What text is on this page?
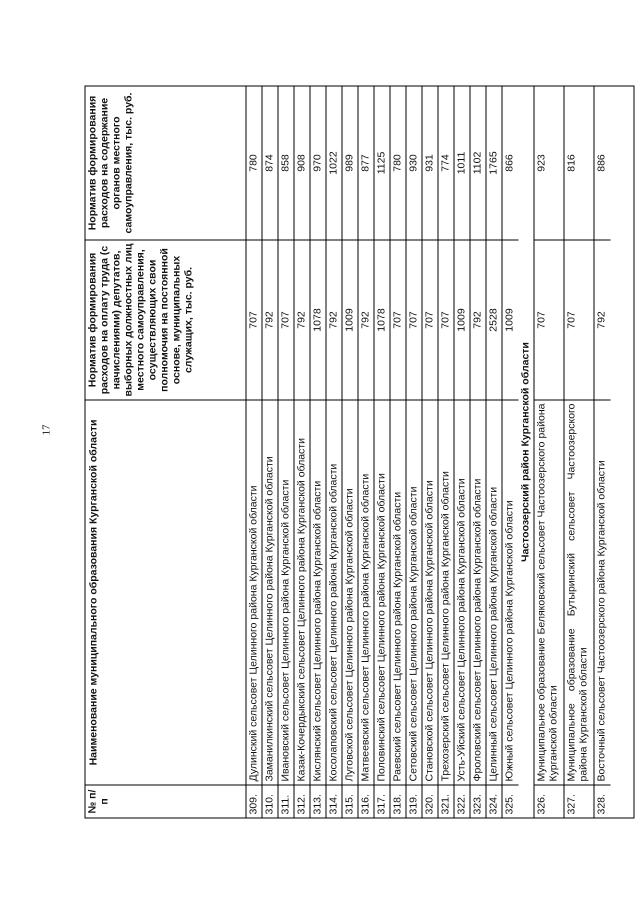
17
№ п/п
Наименование муниципального образования Курганской области
Норматив формирования расходов на оплату труда (с начислениями) депутатов, выборных должностных лиц местного самоуправления, осуществляющих свои полномочия на постоянной основе, муниципальных служащих, тыс. руб.
Норматив формирования расходов на содержание органов местного самоуправления, тыс. руб.
309.
Дулинский сельсовет Целинного района Курганской области
707
780
310.
Заманилкинский сельсовет Целинного района Курганской области
792
874
311.
Ивановский сельсовет Целинного района Курганской области
707
858
312.
Казак-Кочердыкский сельсовет Целинного района Курганской области
792
908
313.
Кислянский сельсовет Целинного района Курганской области
1078
970
314.
Косолаповский сельсовет Целинного района Курганской области
792
1022
315.
Луговской сельсовет Целинного района Курганской области
1009
989
316.
Матвеевский сельсовет Целинного района Курганской области
792
877
317.
Половинский сельсовет Целинного района Курганской области
1078
1125
318.
Раевский сельсовет Целинного района Курганской области
707
780
319.
Сетовский сельсовет Целинного района Курганской области
707
930
320.
Становской сельсовет Целинного района Курганской области
707
931
321.
Трехозерский сельсовет Целинного района Курганской области
707
774
322.
Усть-Уйский сельсовет Целинного района Курганской области
1009
1011
323.
Фроловский сельсовет Целинного района Курганской области
792
1102
324.
Целинный сельсовет Целинного района Курганской области
2528
1765
325.
Южный сельсовет Целинного района Курганской области
1009
866
Частоозерский район Курганской области
326.
Муниципальное образование Беляковский сельсовет Частоозерского района Курганской области
707
923
327.
Муниципальное образование Бутыринский сельсовет Частоозерского района Курганской области
707
816
328.
Восточный сельсовет Частоозерского района Курганской области
792
886
